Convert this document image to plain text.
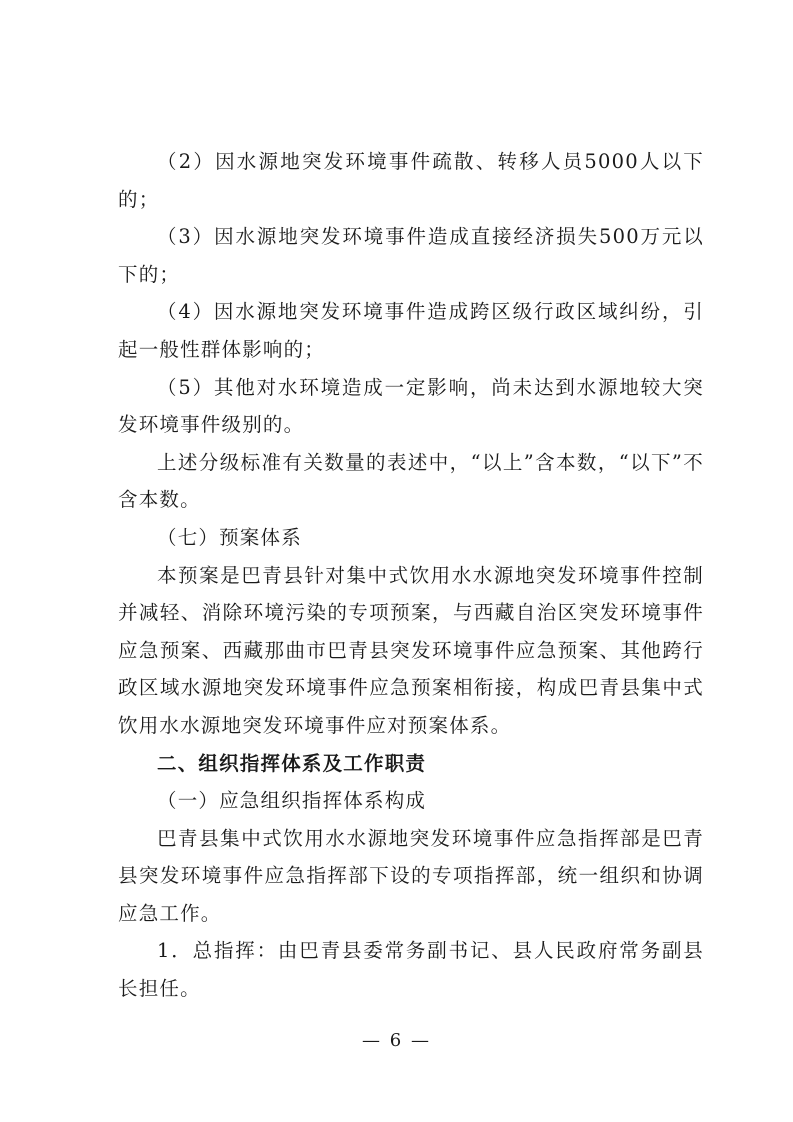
（2）因水源地突发环境事件疏散、转移人员5000人以下的；

（3）因水源地突发环境事件造成直接经济损失500万元以下的；

（4）因水源地突发环境事件造成跨区级行政区域纠纷，引起一般性群体影响的；

（5）其他对水环境造成一定影响，尚未达到水源地较大突发环境事件级别的。

上述分级标准有关数量的表述中，“以上”含本数，“以下”不含本数。

（七）预案体系

本预案是巴青县针对集中式饮用水水源地突发环境事件控制并减轻、消除环境污染的专项预案，与西藏自治区突发环境事件应急预案、西藏那曲市巴青县突发环境事件应急预案、其他跨行政区域水源地突发环境事件应急预案相衔接，构成巴青县集中式饮用水水源地突发环境事件应对预案体系。

二、组织指挥体系及工作职责

（一）应急组织指挥体系构成

巴青县集中式饮用水水源地突发环境事件应急指挥部是巴青县突发环境事件应急指挥部下设的专项指挥部，统一组织和协调应急工作。

1．总指挥：由巴青县委常务副书记、县人民政府常务副县长担任。

— 6 —
